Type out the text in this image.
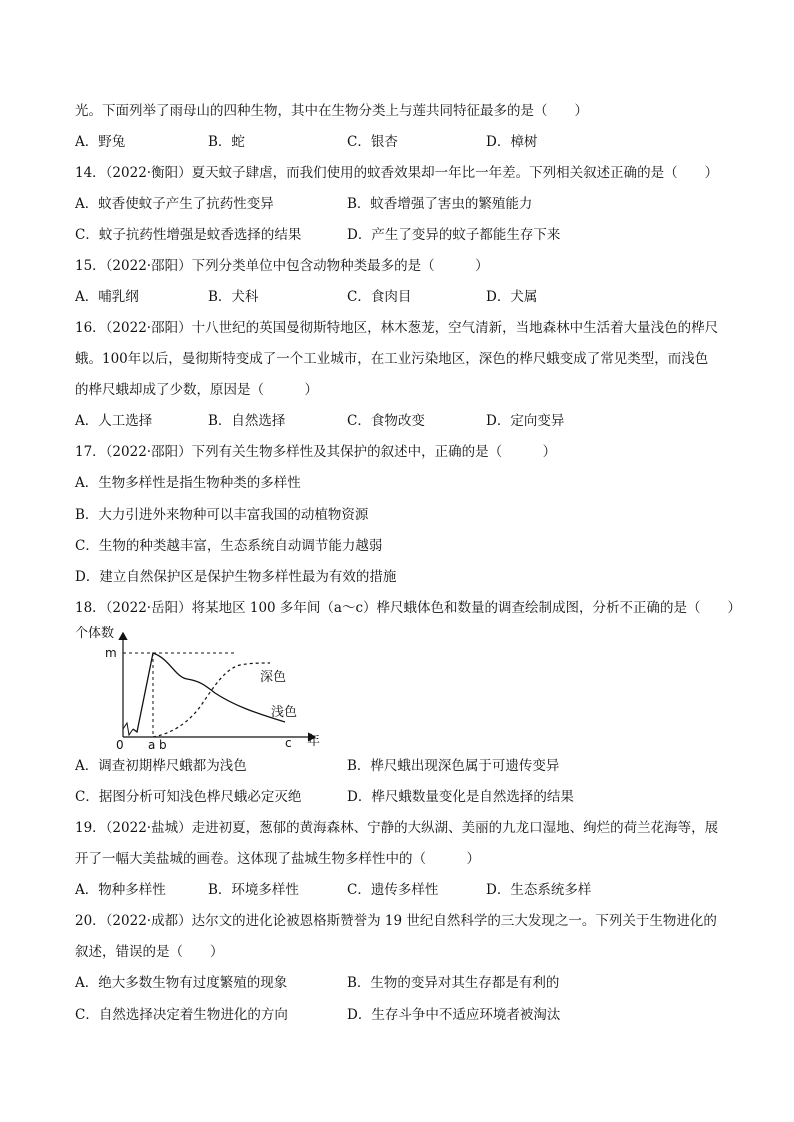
光。下面列举了雨母山的四种生物，其中在生物分类上与莲共同特征最多的是（　　）
A．野兔	B．蛇	C．银杏	D．樟树
14．（2022·衡阳）夏天蚊子肆虐，而我们使用的蚊香效果却一年比一年差。下列相关叙述正确的是（　　）
A．蚊香使蚊子产生了抗药性变异	B．蚊香增强了害虫的繁殖能力
C．蚊子抗药性增强是蚊香选择的结果	D．产生了变异的蚊子都能生存下来
15．（2022·邵阳）下列分类单位中包含动物种类最多的是（　　　）
A．哺乳纲	B．犬科	C．食肉目	D．犬属
16．（2022·邵阳）十八世纪的英国曼彻斯特地区，林木葱茏，空气清新，当地森林中生活着大量浅色的桦尺
蛾。100年以后，曼彻斯特变成了一个工业城市，在工业污染地区，深色的桦尺蛾变成了常见类型，而浅色
的桦尺蛾却成了少数，原因是（　　　）
A．人工选择	B．自然选择	C．食物改变	D．定向变异
17．（2022·邵阳）下列有关生物多样性及其保护的叙述中，正确的是（　　　）
A．生物多样性是指生物种类的多样性
B．大力引进外来物种可以丰富我国的动植物资源
C．生物的种类越丰富，生态系统自动调节能力越弱
D．建立自然保护区是保护生物多样性最为有效的措施
18．（2022·岳阳）将某地区 100 多年间（a～c）桦尺蛾体色和数量的调查绘制成图，分析不正确的是（　　）
个体数
m
深色
浅色
0 a b	c 年
A．调查初期桦尺蛾都为浅色	B．桦尺蛾出现深色属于可遗传变异
C．据图分析可知浅色桦尺蛾必定灭绝	D．桦尺蛾数量变化是自然选择的结果
19．（2022·盐城）走进初夏，葱郁的黄海森林、宁静的大纵湖、美丽的九龙口湿地、绚烂的荷兰花海等，展
开了一幅大美盐城的画卷。这体现了盐城生物多样性中的（　　　）
A．物种多样性	B．环境多样性	C．遗传多样性	D．生态系统多样
20．（2022·成都）达尔文的进化论被恩格斯赞誉为 19 世纪自然科学的三大发现之一。下列关于生物进化的
叙述，错误的是（　　）
A．绝大多数生物有过度繁殖的现象	B．生物的变异对其生存都是有利的
C．自然选择决定着生物进化的方向	D．生存斗争中不适应环境者被淘汰
